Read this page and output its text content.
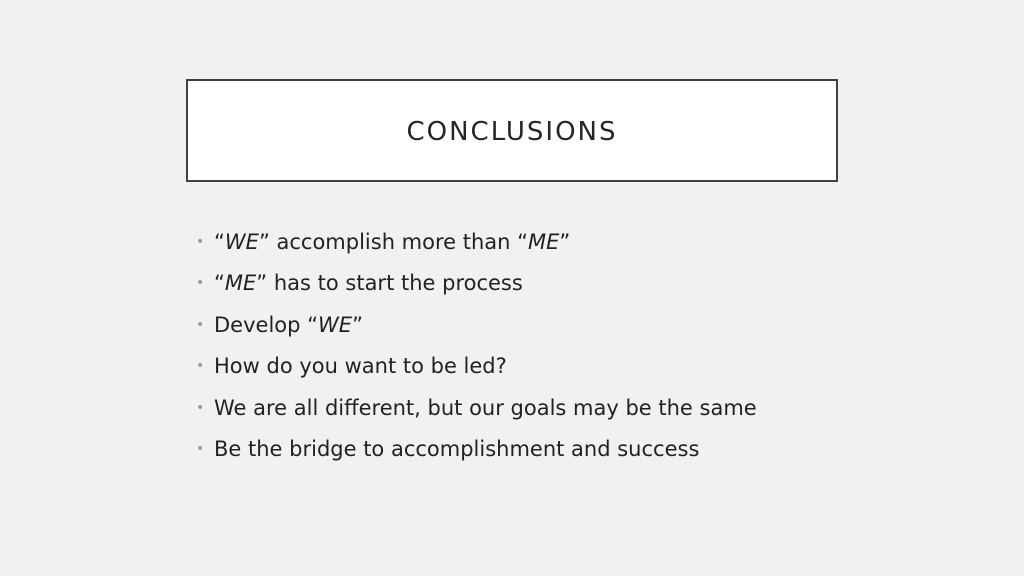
CONCLUSIONS
• “WE” accomplish more than “ME”
• “ME” has to start the process
• Develop “WE”
• How do you want to be led?
• We are all different, but our goals may be the same
• Be the bridge to accomplishment and success
